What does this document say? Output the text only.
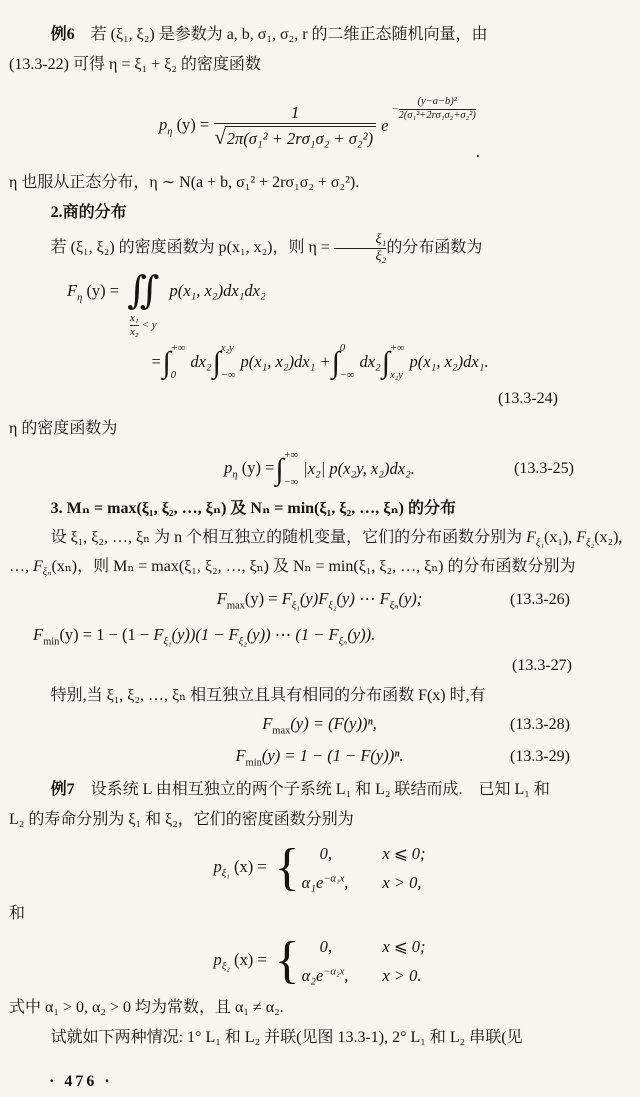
例6　若 (ξ₁, ξ₂) 是参数为 a, b, σ₁, σ₂, r 的二维正态随机向量，由

(13.3-22) 可得 η = ξ₁ + ξ₂ 的密度函数

$p_\eta$ $(y) = \frac{1}{\text{√ 2π(σ₁² + 2rσ₁σ₂ + σ₂²)}}$ e
− $\frac{\text{(y−a−b)²}}{\text{2(σ₁²+2rσ₁σ₂+σ₂²)}}$
.

η 也服从正态分布，η ∼ N(a + b, σ₁² + 2rσ₁σ₂ + σ₂²).

2.商的分布

若 (ξ₁, ξ₂) 的密度函数为 p(x₁, x₂)，则 $\eta = \frac{\text{ξ₁}}{\text{ξ₂}}$ 的分布函数为
$F_\eta$ (y) = ∬
$\frac{\text{x₁}}{\text{x₂}} < y$
p(x₁, x₂)dx₁dx₂
= ∫ +∞
0
dx₂ ∫ x₂y
−∞
p(x₁, x₂)dx₁ + ∫ 0
−∞
dx₂ ∫ +∞
x₂y
p(x₁, x₂)dx₁.
(13.3-24)

η 的密度函数为

$p_\eta$ (y) = ∫ +∞
−∞
|x₂| p(x₂y, x₂)dx₂.	(13.3-25)

3. Mₙ = max(ξ₁, ξ₂, …, ξₙ) 及 Nₙ = min(ξ₁, ξ₂, …, ξₙ) 的分布

设 ξ₁, ξ₂, …, ξₙ 为 n 个相互独立的随机变量，它们的分布函数分别为 $F_{\xi_1}(x_1)$, $F_{\xi_2}(x_2)$, …, $F_{\xi_n}(x_n)$，则 Mₙ = max(ξ₁, ξ₂, …, ξₙ) 及 Nₙ = min(ξ₁, ξ₂, …, ξₙ) 的分布函数分别为

$F_{max}(y) = F_{\xi_1}(y)F_{\xi_2}(y)$ ⋯ $F_{\xi_n}(y)$;	(13.3-26)
$F_{min}(y) = 1 - (1 - F_{\xi_1}(y))(1 - F_{\xi_2}(y))$ ⋯ $(1 - F_{\xi_n}(y))$.
(13.3-27)

特别,当 ξ₁, ξ₂, …, ξₙ 相互独立且具有相同的分布函数 F(x) 时,有

$F_{max}(y) = (F(y))^n$,	(13.3-28)
$F_{min}(y) = 1 - (1 - F(y))^n$.	(13.3-29)

例7　设系统 L 由相互独立的两个子系统 L₁ 和 L₂ 联结而成.　已知 L₁ 和

L₂ 的寿命分别为 ξ₁ 和 ξ₂，它们的密度函数分别为

$p_{\xi_1}$ (x) = {	0,	x ⩽ 0;
$\alpha_1e^{-\alpha_1x}$, x > 0,

和

$p_{\xi_2}$ (x) = {	0,	x ⩽ 0;
$\alpha_2e^{-\alpha_2x}$, x > 0.

式中 α₁ > 0, α₂ > 0 均为常数，且 α₁ ≠ α₂.

试就如下两种情况: 1° L₁ 和 L₂ 并联(见图 13.3-1), 2° L₁ 和 L₂ 串联(见

· 476 ·
